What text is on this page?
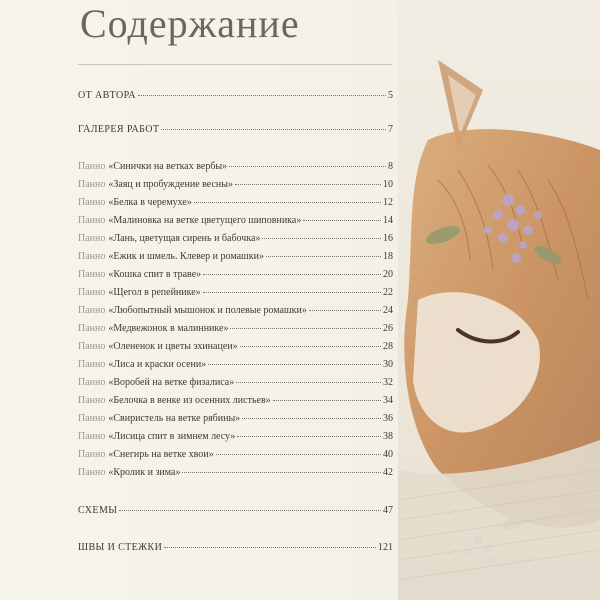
Содержание
ОТ АВТОРА	5
ГАЛЕРЕЯ РАБОТ	7
Панно «Синички на ветках вербы»	8
Панно «Заяц и пробуждение весны»	10
Панно «Белка в черемухе»	12
Панно «Малиновка на ветке цветущего шиповника»	14
Панно «Лань, цветущая сирень и бабочка»	16
Панно «Ежик и шмель. Клевер и ромашки»	18
Панно «Кошка спит в траве»	20
Панно «Щегол в репейнике»	22
Панно «Любопытный мышонок и полевые ромашки»	24
Панно «Медвежонок в малиннике»	26
Панно «Олененок и цветы эхинацеи»	28
Панно «Лиса и краски осени»	30
Панно «Воробей на ветке физалиса»	32
Панно «Белочка в венке из осенних листьев»	34
Панно «Свиристель на ветке рябины»	36
Панно «Лисица спит в зимнем лесу»	38
Панно «Снегирь на ветке хвои»	40
Панно «Кролик и зима»	42
СХЕМЫ	47
ШВЫ И СТЕЖКИ	121
